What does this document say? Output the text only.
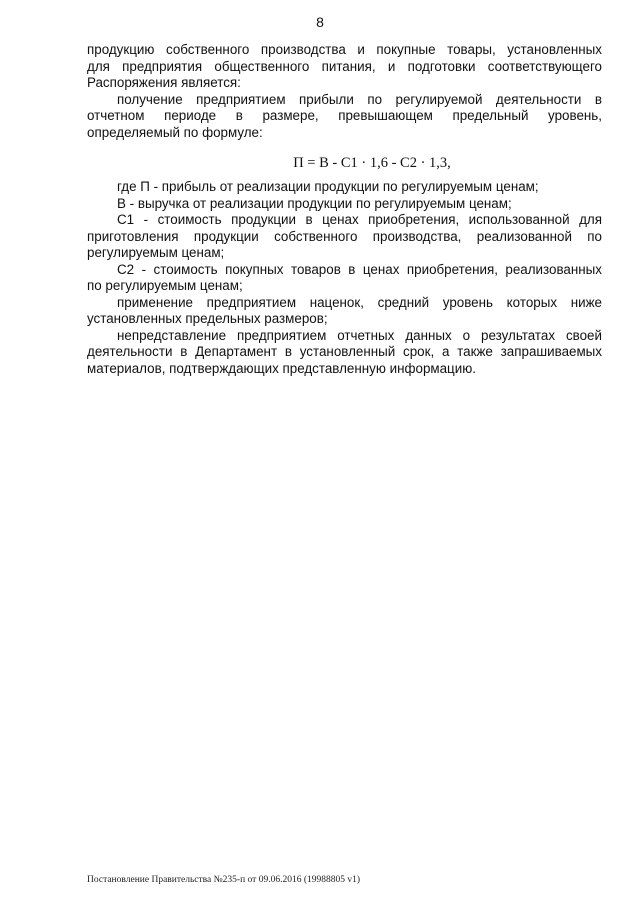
8
продукцию собственного производства и покупные товары, установленных
для предприятия общественного питания, и подготовки соответствующего
Распоряжения является:
получение предприятием прибыли по регулируемой деятельности в
отчетном периоде в размере, превышающем предельный уровень,
определяемый по формуле:
П = В - С1 · 1,6 - С2 · 1,3,
где П - прибыль от реализации продукции по регулируемым ценам;
В - выручка от реализации продукции по регулируемым ценам;
С1 - стоимость продукции в ценах приобретения, использованной для
приготовления продукции собственного производства, реализованной по
регулируемым ценам;
С2 - стоимость покупных товаров в ценах приобретения, реализованных
по регулируемым ценам;
применение предприятием наценок, средний уровень которых ниже
установленных предельных размеров;
непредставление предприятием отчетных данных о результатах своей
деятельности в Департамент в установленный срок, а также запрашиваемых
материалов, подтверждающих представленную информацию.
Постановление Правительства №235-п от 09.06.2016 (19988805 v1)
